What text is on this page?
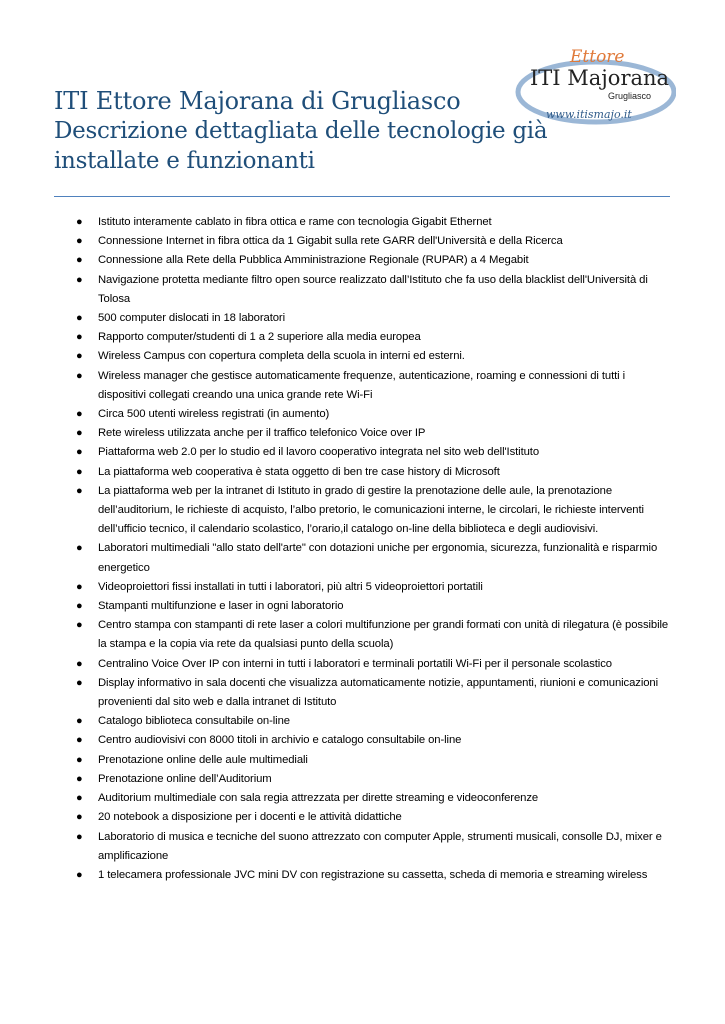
Ettore
ITI Majorana
Grugliasco
www.itismajo.it
ITI Ettore Majorana di Grugliasco
Descrizione dettagliata delle tecnologie già
installate e funzionanti
● Istituto interamente cablato in fibra ottica e rame con tecnologia Gigabit Ethernet
● Connessione Internet in fibra ottica da 1 Gigabit sulla rete GARR dell'Università e della Ricerca
● Connessione alla Rete della Pubblica Amministrazione Regionale (RUPAR) a 4 Megabit
● Navigazione protetta mediante filtro open source realizzato dall’Istituto che fa uso della blacklist dell'Università di Tolosa
● 500 computer dislocati in 18 laboratori
● Rapporto computer/studenti di 1 a 2 superiore alla media europea
● Wireless Campus con copertura completa della scuola in interni ed esterni.
● Wireless manager che gestisce automaticamente frequenze, autenticazione, roaming e connessioni di tutti i dispositivi collegati creando una unica grande rete Wi-Fi
● Circa 500 utenti wireless registrati (in aumento)
● Rete wireless utilizzata anche per il traffico telefonico Voice over IP
● Piattaforma web 2.0 per lo studio ed il lavoro cooperativo integrata nel sito web dell'Istituto
● La piattaforma web cooperativa è stata oggetto di ben tre case history di Microsoft
● La piattaforma web per la intranet di Istituto in grado di gestire la prenotazione delle aule, la prenotazione dell’auditorium, le richieste di acquisto, l’albo pretorio, le comunicazioni interne, le circolari, le richieste interventi dell’ufficio tecnico, il calendario scolastico, l’orario,il catalogo on-line della biblioteca e degli audiovisivi.
● Laboratori multimediali "allo stato dell'arte" con dotazioni uniche per ergonomia, sicurezza, funzionalità e risparmio energetico
● Videoproiettori fissi installati in tutti i laboratori, più altri 5 videoproiettori portatili
● Stampanti multifunzione e laser in ogni laboratorio
● Centro stampa con stampanti di rete laser a colori multifunzione per grandi formati con unità di rilegatura (è possibile la stampa e la copia via rete da qualsiasi punto della scuola)
● Centralino Voice Over IP con interni in tutti i laboratori e terminali portatili Wi-Fi per il personale scolastico
● Display informativo in sala docenti che visualizza automaticamente notizie, appuntamenti, riunioni e comunicazioni provenienti dal sito web e dalla intranet di Istituto
● Catalogo biblioteca consultabile on-line
● Centro audiovisivi con 8000 titoli in archivio e catalogo consultabile on-line
● Prenotazione online delle aule multimediali
● Prenotazione online dell’Auditorium
● Auditorium multimediale con sala regia attrezzata per dirette streaming e videoconferenze
● 20 notebook a disposizione per i docenti e le attività didattiche
● Laboratorio di musica e tecniche del suono attrezzato con computer Apple, strumenti musicali, consolle DJ, mixer e amplificazione
● 1 telecamera professionale JVC mini DV con registrazione su cassetta, scheda di memoria e streaming wireless
